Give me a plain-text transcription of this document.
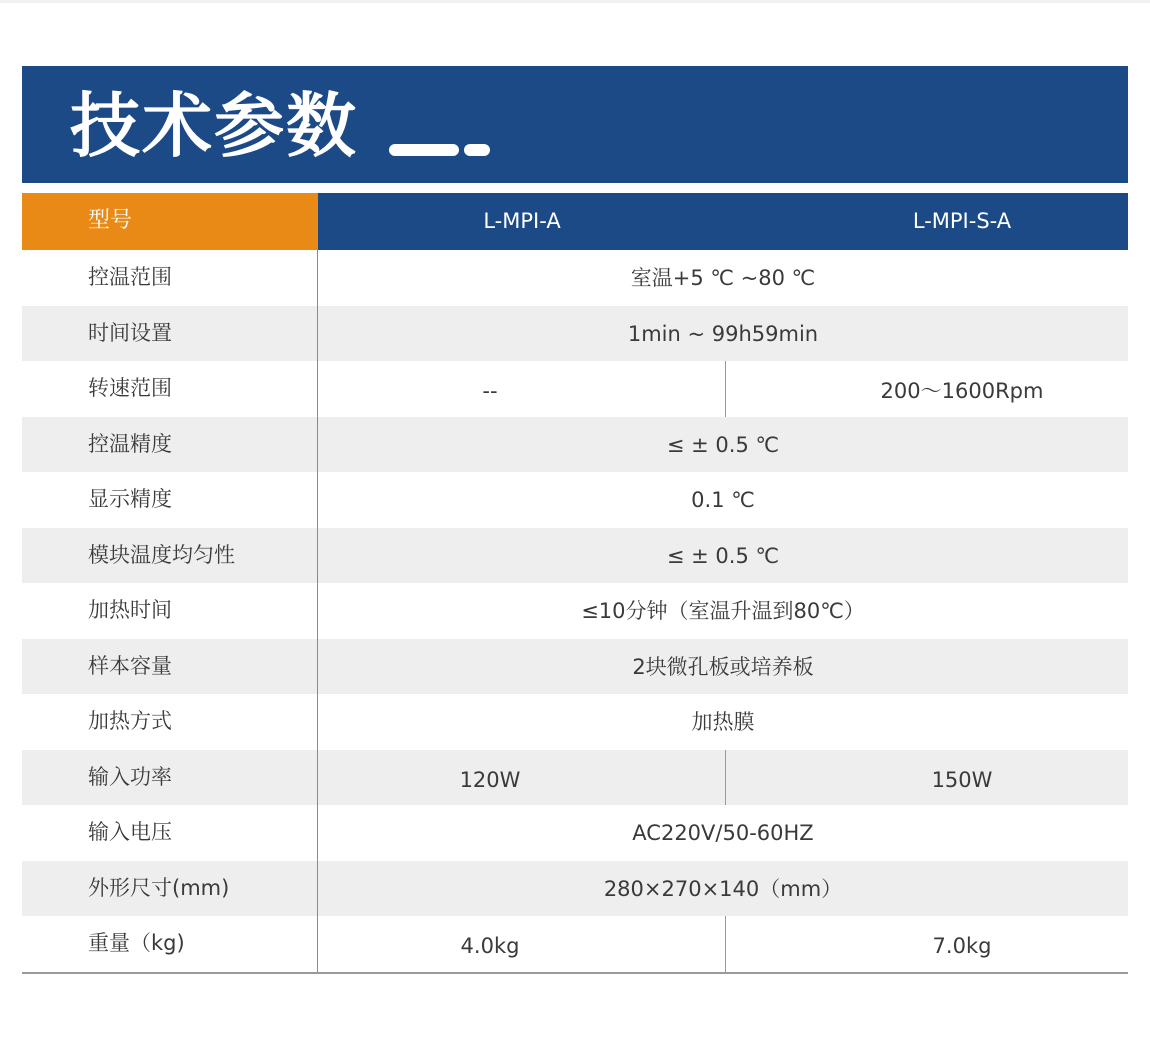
技术参数
型号	L-MPI-A	L-MPI-S-A
控温范围	室温+5 ℃ ~80 ℃
时间设置	1min ~ 99h59min
转速范围	--	200～1600Rpm
控温精度	≤ ± 0.5 ℃
显示精度	0.1 ℃
模块温度均匀性	≤ ± 0.5 ℃
加热时间	≤10分钟（室温升温到80℃）
样本容量	2块微孔板或培养板
加热方式	加热膜
输入功率	120W	150W
输入电压	AC220V/50-60HZ
外形尺寸(mm)	280×270×140（mm）
重量（kg)	4.0kg	7.0kg
